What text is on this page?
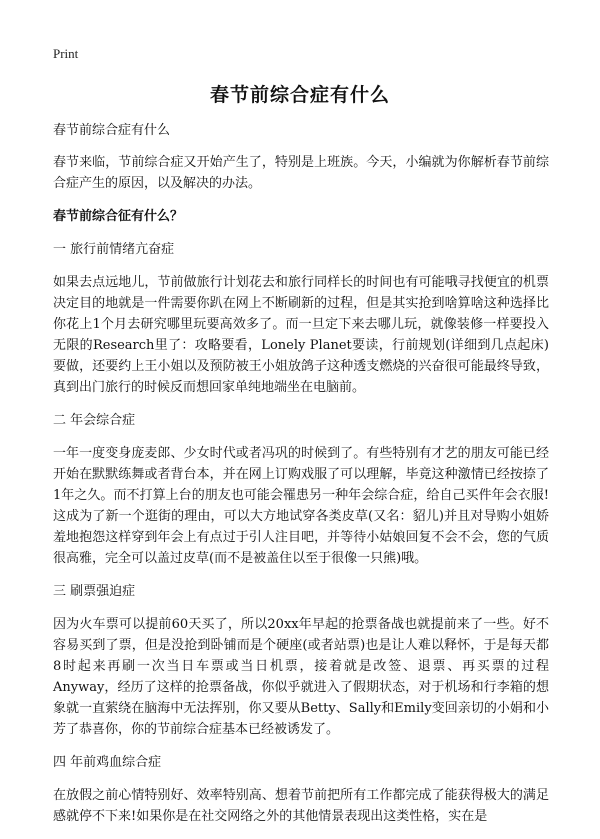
Print
春节前综合症有什么

春节前综合症有什么

春节来临，节前综合症又开始产生了，特别是上班族。今天，小编就为你解析春节前综合症产生的原因，以及解决的办法。

春节前综合征有什么？

一 旅行前情绪亢奋症

如果去点远地儿，节前做旅行计划花去和旅行同样长的时间也有可能哦寻找便宜的机票决定目的地就是一件需要你趴在网上不断刷新的过程，但是其实抢到啥算啥这种选择比你花上1个月去研究哪里玩要高效多了。而一旦定下来去哪儿玩，就像装修一样要投入无限的Research里了：攻略要看，Lonely Planet要读，行前规划(详细到几点起床)要做，还要约上王小姐以及预防被王小姐放鸽子这种透支燃烧的兴奋很可能最终导致，真到出门旅行的时候反而想回家单纯地端坐在电脑前。

二 年会综合症

一年一度变身庞麦郎、少女时代或者冯巩的时候到了。有些特别有才艺的朋友可能已经开始在默默练舞或者背台本，并在网上订购戏服了可以理解，毕竟这种激情已经按捺了1年之久。而不打算上台的朋友也可能会罹患另一种年会综合症，给自己买件年会衣服!这成为了新一个逛街的理由，可以大方地试穿各类皮草(又名：貂儿)并且对导购小姐娇羞地抱怨这样穿到年会上有点过于引人注目吧，并等待小姑娘回复不会不会，您的气质很高雅，完全可以盖过皮草(而不是被盖住以至于很像一只熊)哦。

三 刷票强迫症

因为火车票可以提前60天买了，所以20xx年早起的抢票备战也就提前来了一些。好不容易买到了票，但是没抢到卧铺而是个硬座(或者站票)也是让人难以释怀，于是每天都8时起来再刷一次当日车票或当日机票，接着就是改签、退票、再买票的过程Anyway，经历了这样的抢票备战，你似乎就进入了假期状态，对于机场和行李箱的想象就一直萦绕在脑海中无法挥别，你又要从Betty、Sally和Emily变回亲切的小娟和小芳了恭喜你，你的节前综合症基本已经被诱发了。

四 年前鸡血综合症

在放假之前心情特别好、效率特别高、想着节前把所有工作都完成了能获得极大的满足感就停不下来!如果你是在社交网络之外的其他情景表现出这类性格，实在是
